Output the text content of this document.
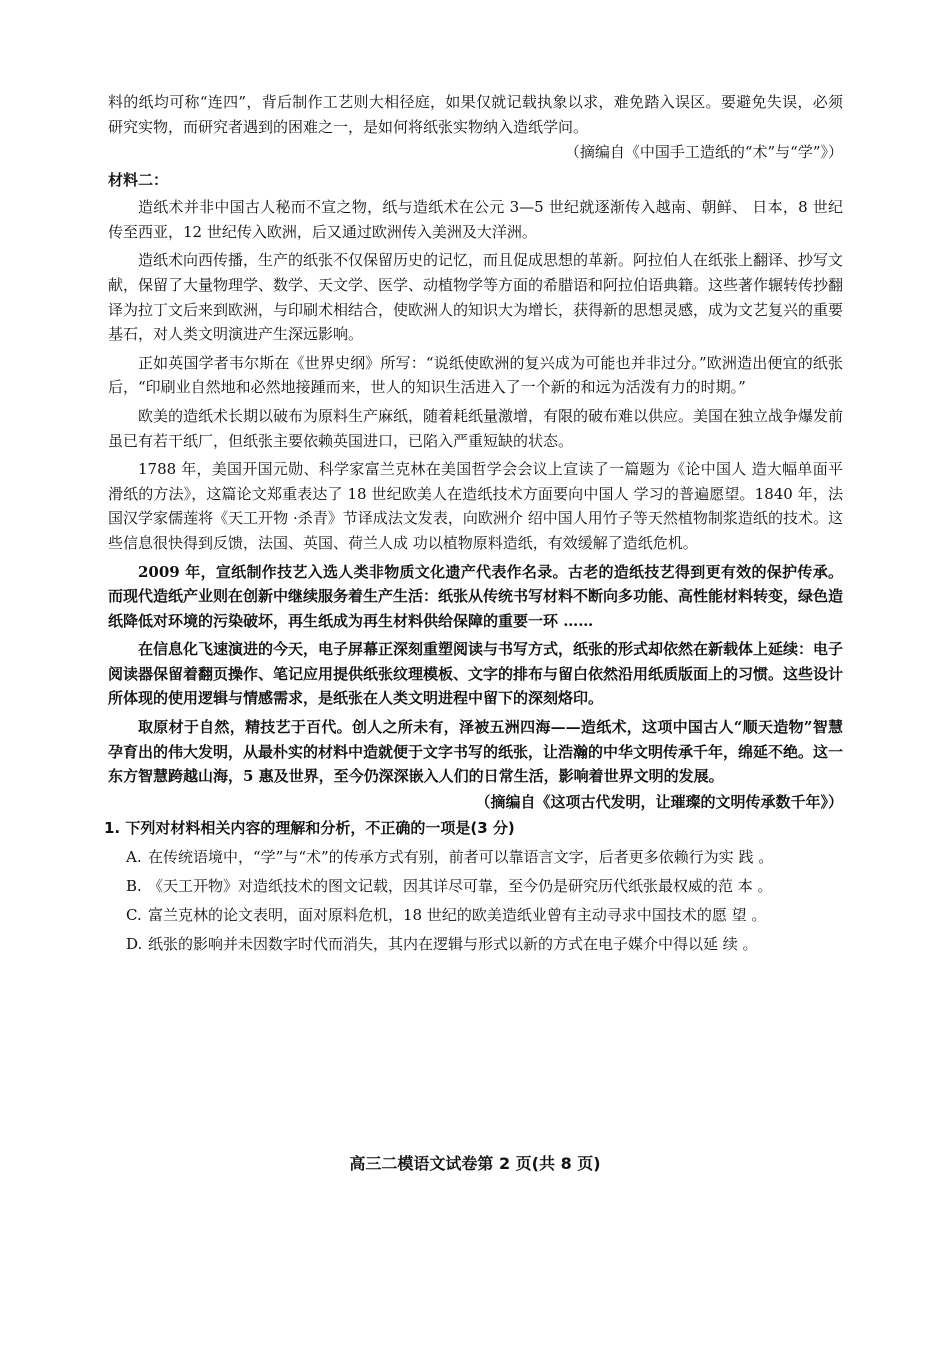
料的纸均可称“连四”，背后制作工艺则大相径庭，如果仅就记载执象以求，难免踏入误区。要避免失误，必须研究实物，而研究者遇到的困难之一，是如何将纸张实物纳入造纸学问。

（摘编自《中国手工造纸的“术”与“学”》）

材料二：

造纸术并非中国古人秘而不宣之物，纸与造纸术在公元 3—5 世纪就逐渐传入越南、朝鲜、 日本，8 世纪传至西亚，12 世纪传入欧洲，后又通过欧洲传入美洲及大洋洲。

造纸术向西传播，生产的纸张不仅保留历史的记忆，而且促成思想的革新。阿拉伯人在纸张上翻译、抄写文献，保留了大量物理学、数学、天文学、医学、动植物学等方面的希腊语和阿拉伯语典籍。这些著作辗转传抄翻译为拉丁文后来到欧洲，与印刷术相结合，使欧洲人的知识大为增长，获得新的思想灵感，成为文艺复兴的重要基石，对人类文明演进产生深远影响。

正如英国学者韦尔斯在《世界史纲》所写：“说纸使欧洲的复兴成为可能也并非过分。”欧洲造出便宜的纸张后，“印刷业自然地和必然地接踵而来，世人的知识生活进入了一个新的和远为活泼有力的时期。”

欧美的造纸术长期以破布为原料生产麻纸，随着耗纸量激增，有限的破布难以供应。美国在独立战争爆发前虽已有若干纸厂，但纸张主要依赖英国进口，已陷入严重短缺的状态。

1788 年，美国开国元勋、科学家富兰克林在美国哲学会会议上宣读了一篇题为《论中国人 造大幅单面平滑纸的方法》，这篇论文郑重表达了 18 世纪欧美人在造纸技术方面要向中国人 学习的普遍愿望。1840 年，法国汉学家儒莲将《天工开物 ·杀青》节译成法文发表，向欧洲介 绍中国人用竹子等天然植物制浆造纸的技术。这些信息很快得到反馈，法国、英国、荷兰人成 功以植物原料造纸，有效缓解了造纸危机。

2009 年，宣纸制作技艺入选人类非物质文化遗产代表作名录。古老的造纸技艺得到更有效的保护传承。而现代造纸产业则在创新中继续服务着生产生活：纸张从传统书写材料不断向多功能、高性能材料转变，绿色造纸降低对环境的污染破坏，再生纸成为再生材料供给保障的重要一环 ……

在信息化飞速演进的今天，电子屏幕正深刻重塑阅读与书写方式，纸张的形式却依然在新载体上延续：电子阅读器保留着翻页操作、笔记应用提供纸张纹理模板、文字的排布与留白依然沿用纸质版面上的习惯。这些设计所体现的使用逻辑与情感需求，是纸张在人类文明进程中留下的深刻烙印。

取原材于自然，精技艺于百代。创人之所未有，泽被五洲四海——造纸术，这项中国古人“顺天造物”智慧孕育出的伟大发明，从最朴实的材料中造就便于文字书写的纸张，让浩瀚的中华文明传承千年，绵延不绝。这一东方智慧跨越山海，5 惠及世界，至今仍深深嵌入人们的日常生活，影响着世界文明的发展。

（摘编自《这项古代发明，让璀璨的文明传承数千年》）

1. 下列对材料相关内容的理解和分析，不正确的一项是(3 分)

A. 在传统语境中，“学”与“术”的传承方式有别，前者可以靠语言文字，后者更多依赖行为实 践 。
B. 《天工开物》对造纸技术的图文记载，因其详尽可靠，至今仍是研究历代纸张最权威的范 本 。
C. 富兰克林的论文表明，面对原料危机，18 世纪的欧美造纸业曾有主动寻求中国技术的愿 望 。
D. 纸张的影响并未因数字时代而消失，其内在逻辑与形式以新的方式在电子媒介中得以延 续 。
高三二模语文试卷第 2 页(共 8 页)
